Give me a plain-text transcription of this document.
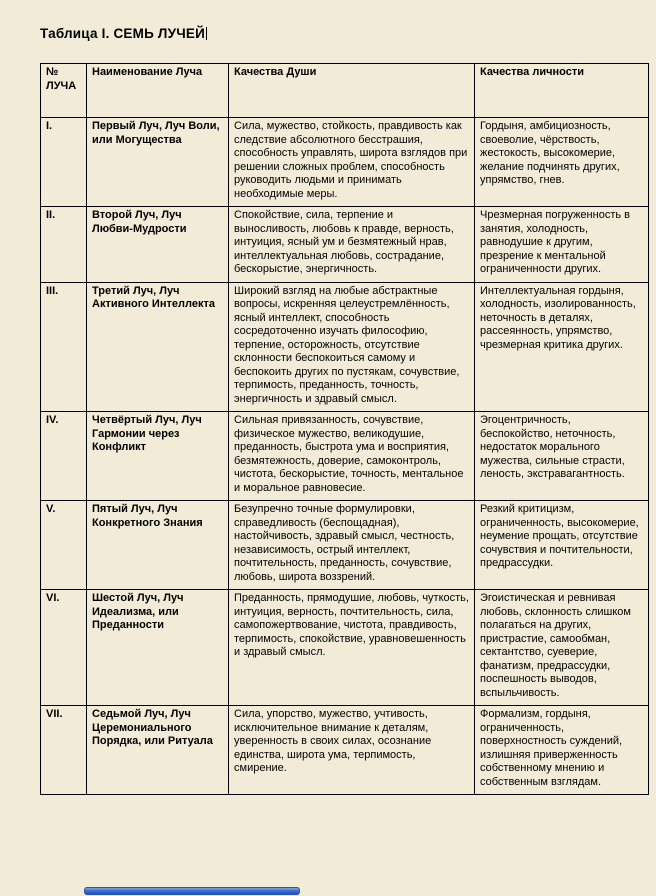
Таблица I. СЕМЬ ЛУЧЕЙ

№ ЛУЧА	Наименование Луча	Качества Души	Качества личности
I.	Первый Луч, Луч Воли, или Могущества	Сила, мужество, стойкость, правдивость как следствие абсолютного бесстрашия, способность управлять, широта взглядов при решении сложных проблем, способность руководить людьми и принимать необходимые меры.	Гордыня, амбициозность, своеволие, чёрствость, жестокость, высокомерие, желание подчинять других, упрямство, гнев.
II.	Второй Луч, Луч Любви-Мудрости	Спокойствие, сила, терпение и выносливость, любовь к правде, верность, интуиция, ясный ум и безмятежный нрав, интеллектуальная любовь, сострадание, бескорыстие, энергичность.	Чрезмерная погруженность в занятия, холодность, равнодушие к другим, презрение к ментальной ограниченности других.
III.	Третий Луч, Луч Активного Интеллекта	Широкий взгляд на любые абстрактные вопросы, искренняя целеустремлённость, ясный интеллект, способность сосредоточенно изучать философию, терпение, осторожность, отсутствие склонности беспокоиться самому и беспокоить других по пустякам, сочувствие, терпимость, преданность, точность, энергичность и здравый смысл.	Интеллектуальная гордыня, холодность, изолированность, неточность в деталях, рассеянность, упрямство, чрезмерная критика других.
IV.	Четвёртый Луч, Луч Гармонии через Конфликт	Сильная привязанность, сочувствие, физическое мужество, великодушие, преданность, быстрота ума и восприятия, безмятежность, доверие, самоконтроль, чистота, бескорыстие, точность, ментальное и моральное равновесие.	Эгоцентричность, беспокойство, неточность, недостаток морального мужества, сильные страсти, леность, экстравагантность.
V.	Пятый Луч, Луч Конкретного Знания	Безупречно точные формулировки, справедливость (беспощадная), настойчивость, здравый смысл, честность, независимость, острый интеллект, почтительность, преданность, сочувствие, любовь, широта воззрений.	Резкий критицизм, ограниченность, высокомерие, неумение прощать, отсутствие сочувствия и почтительности, предрассудки.
VI.	Шестой Луч, Луч Идеализма, или Преданности	Преданность, прямодушие, любовь, чуткость, интуиция, верность, почтительность, сила, самопожертвование, чистота, правдивость, терпимость, спокойствие, уравновешенность и здравый смысл.	Эгоистическая и ревнивая любовь, склонность слишком полагаться на других, пристрастие, самообман, сектантство, суеверие, фанатизм, предрассудки, поспешность выводов, вспыльчивость.
VII.	Седьмой Луч, Луч Церемониального Порядка, или Ритуала	Сила, упорство, мужество, учтивость, исключительное внимание к деталям, уверенность в своих силах, осознание единства, широта ума, терпимость, смирение.	Формализм, гордыня, ограниченность, поверхностность суждений, излишняя приверженность собственному мнению и собственным взглядам.
